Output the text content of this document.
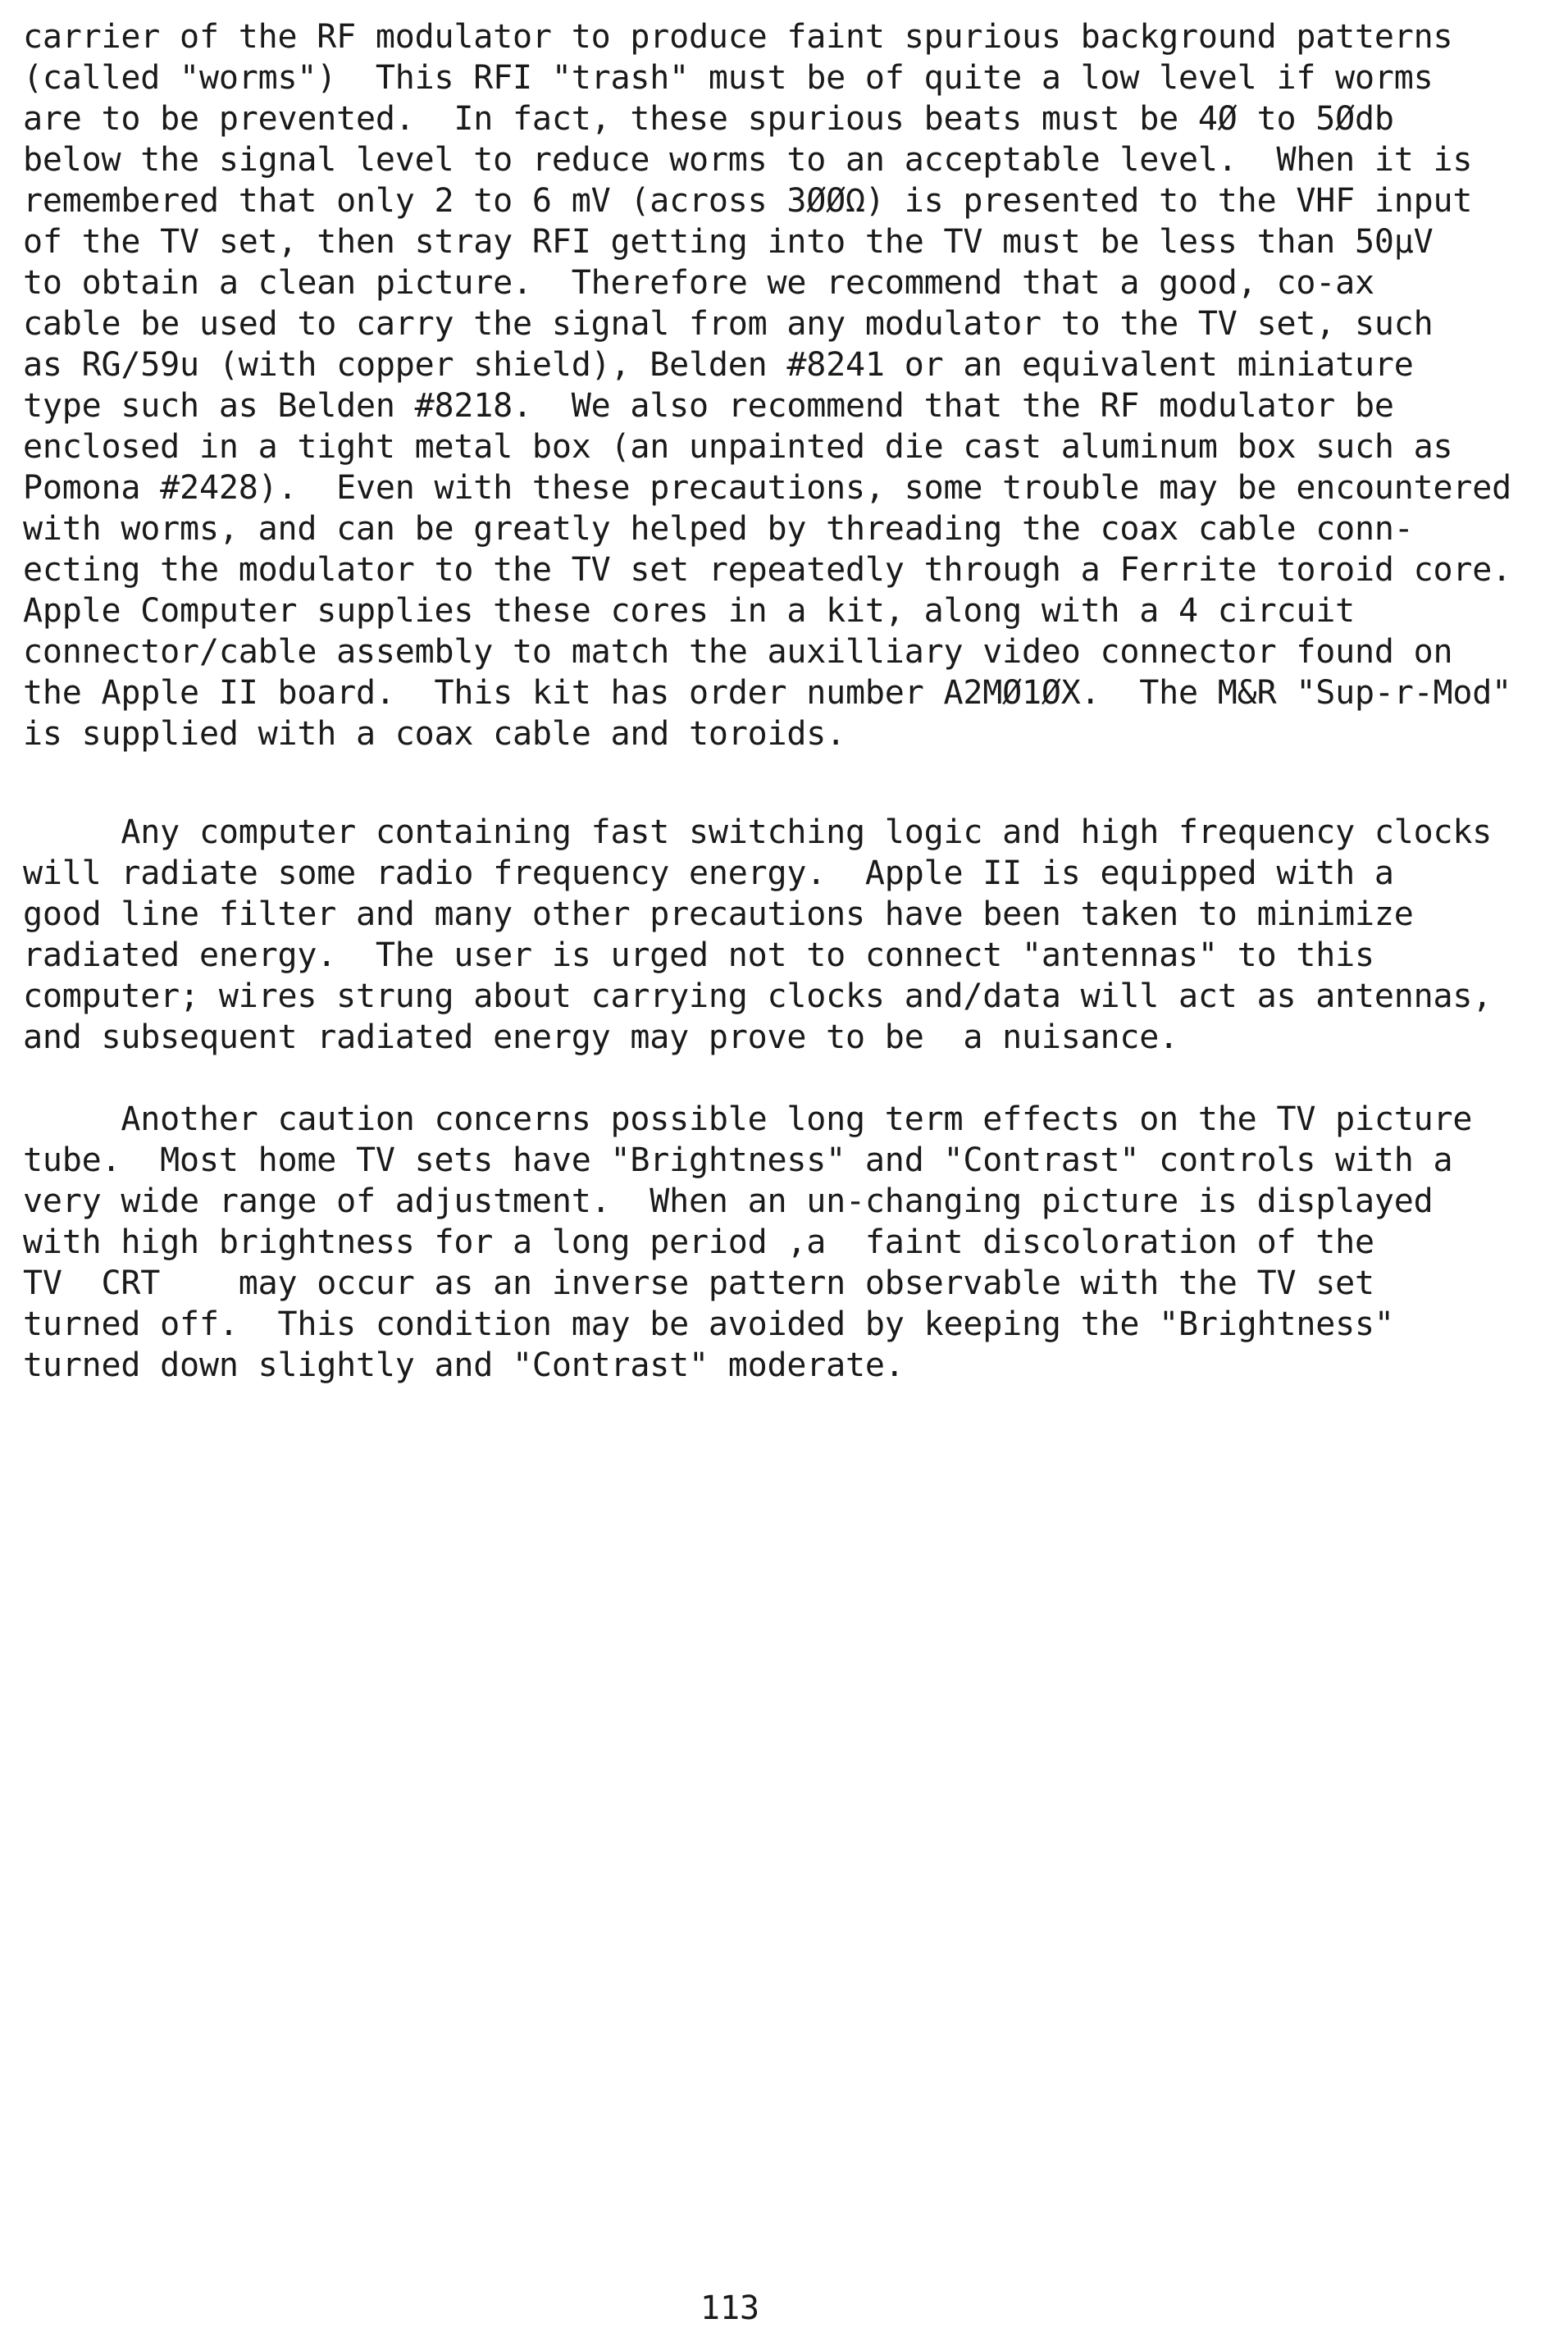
carrier of the RF modulator to produce faint spurious background patterns
(called "worms")  This RFI "trash" must be of quite a low level if worms
are to be prevented.  In fact, these spurious beats must be 4Ø to 5Ødb
below the signal level to reduce worms to an acceptable level.  When it is
remembered that only 2 to 6 mV (across 3ØØΩ) is presented to the VHF input
of the TV set, then stray RFI getting into the TV must be less than 50µV
to obtain a clean picture.  Therefore we recommend that a good, co-ax
cable be used to carry the signal from any modulator to the TV set, such
as RG/59u (with copper shield), Belden #8241 or an equivalent miniature
type such as Belden #8218.  We also recommend that the RF modulator be
enclosed in a tight metal box (an unpainted die cast aluminum box such as
Pomona #2428).  Even with these precautions, some trouble may be encountered
with worms, and can be greatly helped by threading the coax cable conn-
ecting the modulator to the TV set repeatedly through a Ferrite toroid core.
Apple Computer supplies these cores in a kit, along with a 4 circuit
connector/cable assembly to match the auxilliary video connector found on
the Apple II board.  This kit has order number A2MØ1ØX.  The M&R "Sup-r-Mod"
is supplied with a coax cable and toroids.
Any computer containing fast switching logic and high frequency clocks
will radiate some radio frequency energy.  Apple II is equipped with a
good line filter and many other precautions have been taken to minimize
radiated energy.  The user is urged not to connect "antennas" to this
computer; wires strung about carrying clocks and/data will act as antennas,
and subsequent radiated energy may prove to be  a nuisance.
Another caution concerns possible long term effects on the TV picture
tube.  Most home TV sets have "Brightness" and "Contrast" controls with a
very wide range of adjustment.  When an un-changing picture is displayed
with high brightness for a long period ,a  faint discoloration of the
TV  CRT    may occur as an inverse pattern observable with the TV set
turned off.  This condition may be avoided by keeping the "Brightness"
turned down slightly and "Contrast" moderate.
113
